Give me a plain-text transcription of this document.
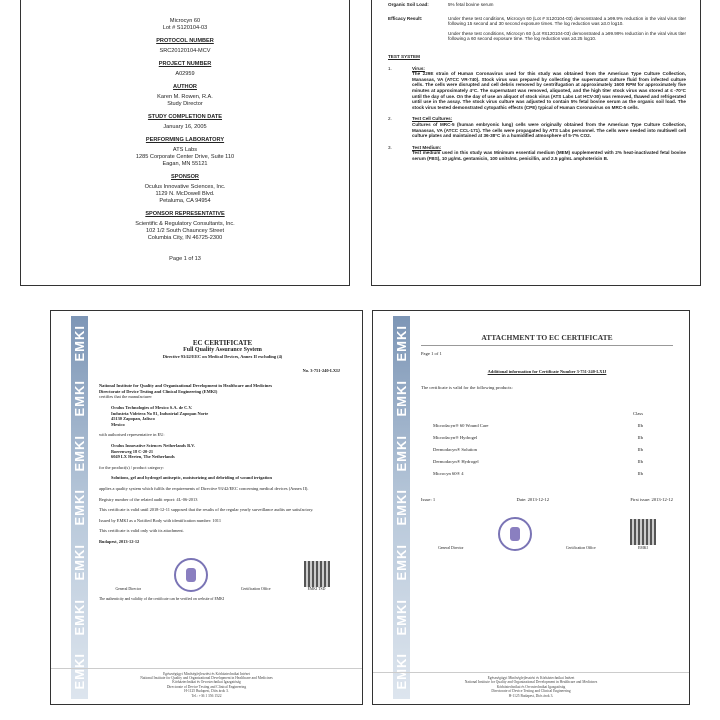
Microcyn 60
Lot # S120104-03
PROTOCOL NUMBER
SRC20120104-MCV
PROJECT NUMBER
A02959
AUTHOR
Karen M. Rowen, R.A.
Study Director
STUDY COMPLETION DATE
January 16, 2005
PERFORMING LABORATORY
ATS Labs
1285 Corporate Center Drive, Suite 110
Eagan, MN 55121
SPONSOR
Oculus Innovative Sciences, Inc.
1129 N. McDowell Blvd.
Petaluma, CA 94954
SPONSOR REPRESENTATIVE
Scientific & Regulatory Consultants, Inc.
102 1/2 South Chauncey Street
Columbia City, IN 46725-2300
Page 1 of 13
Organic Soil Load:	5% fetal bovine serum

Efficacy Result:	Under these test conditions, Microcyn 60 (Lot # S120104-03) demonstrated a ≥99.9% reduction in the viral virus titer following 15 second and 30 second exposure times. The log reduction was ≥3.0 log10.

Under these test conditions, Microcyn 60 (Lot #S120104-03) demonstrated a ≥99.99% reduction in the viral virus titer following a 60 second exposure time. The log reduction was ≥3.25 log10.

TEST SYSTEM
1.	Virus:
The 229E strain of Human Coronavirus used for this study was obtained from the American Type Culture Collection, Manassas, VA (ATCC VR-740). Stock virus was prepared by collecting the supernatant culture fluid from infected culture cells. The cells were disrupted and cell debris removed by centrifugation at approximately 1600 RPM for approximately five minutes at approximately 4°C. The supernatant was removed, aliquoted, and the high titer stock virus was stored at ≤ -70°C until the day of use. On the day of use an aliquot of stock virus (ATS Labs Lot HCV-30) was removed, thawed and refrigerated until use in the assay. The stock virus culture was adjusted to contain 5% fetal bovine serum as the organic soil load. The stock virus tested demonstrated cytopathic effects (CPE) typical of Human Coronavirus on MRC-5 cells.
2.	Test Cell Cultures:
Cultures of MRC-5 (human embryonic lung) cells were originally obtained from the American Type Culture Collection, Manassas, VA (ATCC CCL-171). The cells were propagated by ATS Labs personnel. The cells were seeded into multiwell cell culture plates and maintained at 36-38°C in a humidified atmosphere of 5-7% CO2.
3.	Test Medium:
Test medium used in this study was Minimum essential medium (MEM) supplemented with 2% heat-inactivated fetal bovine serum (FBS), 10 µg/mL gentamicin, 100 units/mL penicillin, and 2.5 µg/mL amphotericin B.
EMKI
EMKI
EMKI
EMKI
EMKI
EMKI
EMKI
EC CERTIFICATE
Full Quality Assurance System
Directive 93/42/EEC on Medical Devices, Annex II excluding (4)
No. 3-751-240-LXIJ
National Institute for Quality and Organizational Development in Healthcare and Medicines
Directorate of Device Testing and Clinical Engineering (EMKI)
certifies that the manufacturer
Oculus Technologies of Mexico S.A. de C.V.
Industria Vidriera No 81, Industrial Zapopan Norte
45130 Zapopan, Jalisco
Mexico
with authorised representative in EU:
Oculus Innovative Sciences Netherlands B.V.
Boerenweg 18 C-20-21
6049 LX Herten, The Netherlands
for the product(s) / product category:
Solutions, gel and hydrogel antiseptic, moisturizing and debriding of wound irrigation
applies a quality system which fulfils the requirements of Directive 93/42/EEC concerning medical devices (Annex II).
Registry number of the related audit report: 4L-06-2013
This certificate is valid until 2018-12-11 supposed that the results of the regular yearly surveillance audits are satisfactory.
Issued by EMKI as a Notified Body with identification number: 1011
This certificate is valid only with its attachment.
Budapest, 2013-12-12
General Director	Certification Office	EMKI TSD
The authenticity and validity of the certificate can be verified on website of EMKI
Egészségügyi Minőségfejlesztési és Kórháztechnikai Intézet
National Institute for Quality and Organizational Development in Healthcare and Medicines
Kórháztechnikai és Orvostechnikai Igazgatóság
Directorate of Device Testing and Clinical Engineering
H-1125 Budapest, Diós árok 3.
Tel.: +36 1 356 1522
EMKI
EMKI
EMKI
EMKI
EMKI
EMKI
EMKI
ATTACHMENT TO EC CERTIFICATE
Page 1 of 1
Additional information for Certificate Number 3-751-240-LXIJ
The certificate is valid for the following products:
Class
Microdacyn® 60 Wound Care	IIb
Microdacyn® Hydrogel	IIb
Dermodacyn® Solution	IIb
Dermodacyn® Hydrogel	IIb
Microcyn 60® 4	IIb
Issue: 1	Date: 2013-12-12	First issue: 2013-12-12
General Director	Certification Office	EMKI
Egészségügyi Minőségfejlesztési és Kórháztechnikai Intézet
National Institute for Quality and Organizational Development in Healthcare and Medicines
Kórháztechnikai és Orvostechnikai Igazgatóság
Directorate of Device Testing and Clinical Engineering
H-1125 Budapest, Diós árok 3.
